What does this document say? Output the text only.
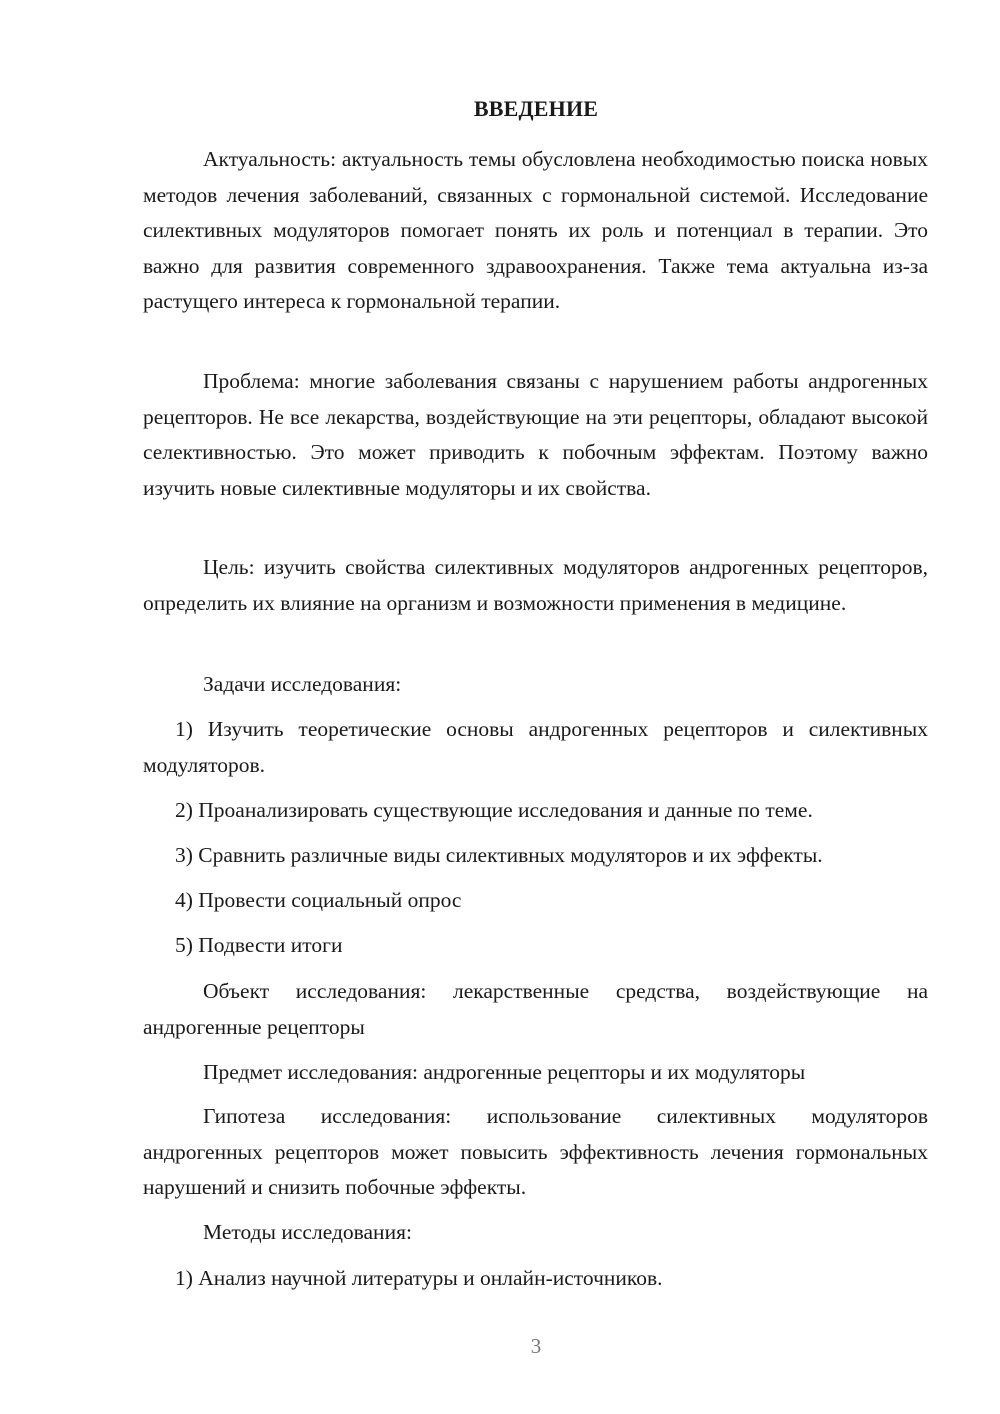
ВВЕДЕНИЕ

Актуальность: актуальность темы обусловлена необходимостью поиска новых методов лечения заболеваний, связанных с гормональной системой. Исследование силективных модуляторов помогает понять их роль и потенциал в терапии. Это важно для развития современного здравоохранения. Также тема актуальна из-за растущего интереса к гормональной терапии.

Проблема: многие заболевания связаны с нарушением работы андрогенных рецепторов. Не все лекарства, воздействующие на эти рецепторы, обладают высокой селективностью. Это может приводить к побочным эффектам. Поэтому важно изучить новые силективные модуляторы и их свойства.

Цель: изучить свойства силективных модуляторов андрогенных рецепторов, определить их влияние на организм и возможности применения в медицине.

Задачи исследования:

1) Изучить теоретические основы андрогенных рецепторов и силективных модуляторов.

2) Проанализировать существующие исследования и данные по теме.

3) Сравнить различные виды силективных модуляторов и их эффекты.

4) Провести социальный опрос

5) Подвести итоги

Объект исследования: лекарственные средства, воздействующие на андрогенные рецепторы

Предмет исследования: андрогенные рецепторы и их модуляторы

Гипотеза исследования: использование силективных модуляторов андрогенных рецепторов может повысить эффективность лечения гормональных нарушений и снизить побочные эффекты.

Методы исследования:

1) Анализ научной литературы и онлайн-источников.

3
